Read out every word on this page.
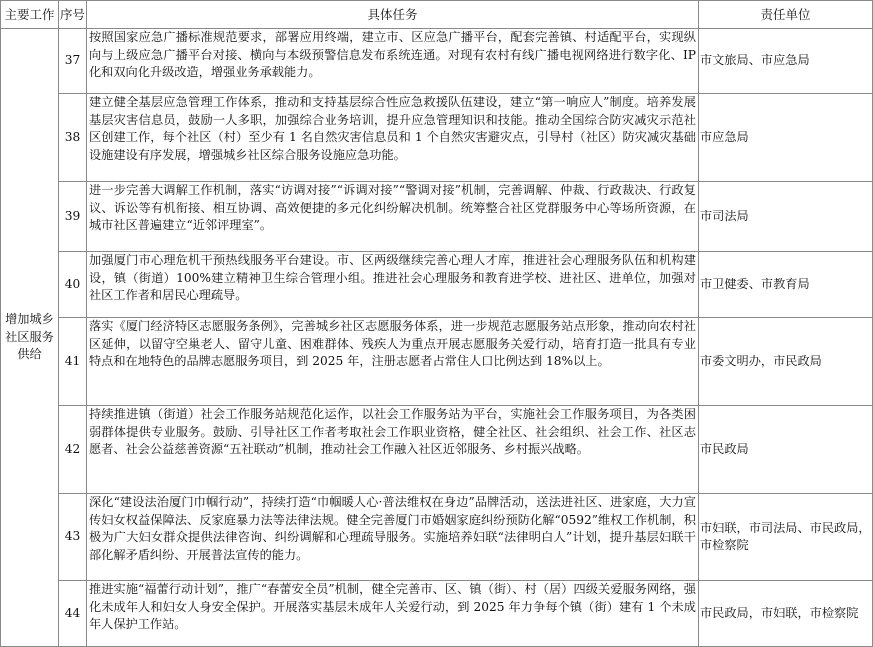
主要工作	序号	具体任务	责任单位
增加城乡社区服务供给	37	按照国家应急广播标准规范要求，部署应用终端，建立市、区应急广播平台，配套完善镇、村适配平台，实现纵向与上级应急广播平台对接、横向与本级预警信息发布系统连通。对现有农村有线广播电视网络进行数字化、IP 化和双向化升级改造，增强业务承载能力。	市文旅局、市应急局
	38	建立健全基层应急管理工作体系，推动和支持基层综合性应急救援队伍建设，建立“第一响应人”制度。培养发展基层灾害信息员，鼓励一人多职，加强综合业务培训，提升应急管理知识和技能。推动全国综合防灾减灾示范社区创建工作，每个社区（村）至少有 1 名自然灾害信息员和 1 个自然灾害避灾点，引导村（社区）防灾减灾基础设施建设有序发展，增强城乡社区综合服务设施应急功能。	市应急局
	39	进一步完善大调解工作机制，落实“访调对接”“诉调对接”“警调对接”机制，完善调解、仲裁、行政裁决、行政复议、诉讼等有机衔接、相互协调、高效便捷的多元化纠纷解决机制。统筹整合社区党群服务中心等场所资源，在城市社区普遍建立“近邻评理室”。	市司法局
	40	加强厦门市心理危机干预热线服务平台建设。市、区两级继续完善心理人才库，推进社会心理服务队伍和机构建设，镇（街道）100%建立精神卫生综合管理小组。推进社会心理服务和教育进学校、进社区、进单位，加强对社区工作者和居民心理疏导。	市卫健委、市教育局
	41	落实《厦门经济特区志愿服务条例》，完善城乡社区志愿服务体系，进一步规范志愿服务站点形象，推动向农村社区延伸，以留守空巢老人、留守儿童、困难群体、残疾人为重点开展志愿服务关爱行动，培育打造一批具有专业特点和在地特色的品牌志愿服务项目，到 2025 年，注册志愿者占常住人口比例达到 18%以上。	市委文明办，市民政局
	42	持续推进镇（街道）社会工作服务站规范化运作，以社会工作服务站为平台，实施社会工作服务项目，为各类困弱群体提供专业服务。鼓励、引导社区工作者考取社会工作职业资格，健全社区、社会组织、社会工作、社区志愿者、社会公益慈善资源“五社联动”机制，推动社会工作融入社区近邻服务、乡村振兴战略。	市民政局
	43	深化“建设法治厦门巾帼行动”，持续打造“巾帼暖人心·普法维权在身边”品牌活动，送法进社区、进家庭，大力宣传妇女权益保障法、反家庭暴力法等法律法规。健全完善厦门市婚姻家庭纠纷预防化解“0592”维权工作机制，积极为广大妇女群众提供法律咨询、纠纷调解和心理疏导服务。实施培养妇联“法律明白人”计划，提升基层妇联干部化解矛盾纠纷、开展普法宣传的能力。	市妇联，市司法局、市民政局，市检察院
	44	推进实施“福蕾行动计划”，推广“春蕾安全员”机制，健全完善市、区、镇（街）、村（居）四级关爱服务网络，强化未成年人和妇女人身安全保护。开展落实基层未成年人关爱行动，到 2025 年力争每个镇（街）建有 1 个未成年人保护工作站。	市民政局，市妇联，市检察院
